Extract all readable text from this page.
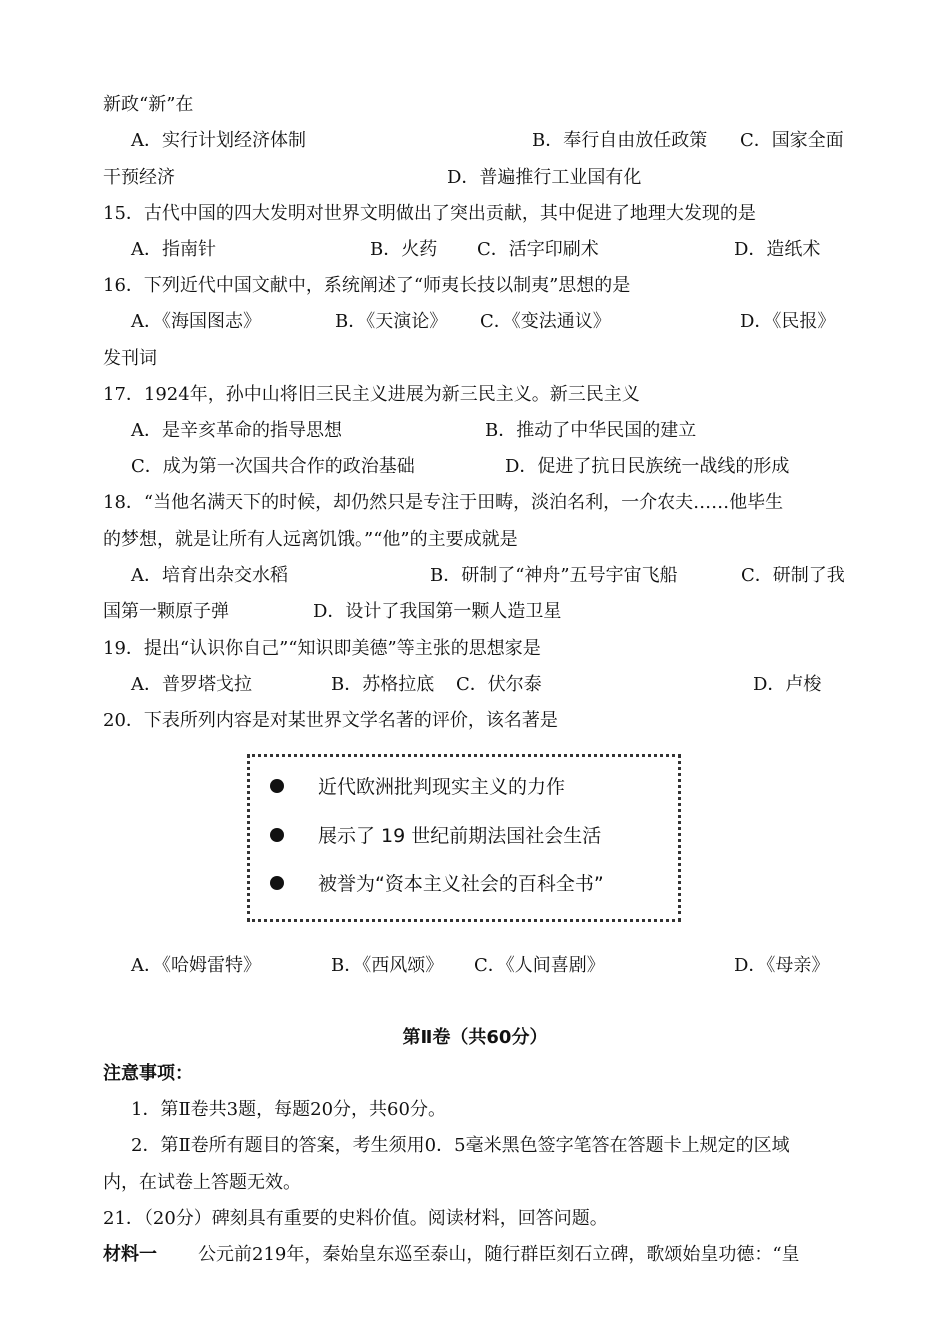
新政“新”在
A．实行计划经济体制	B．奉行自由放任政策 C．国家全面
干预经济	D．普遍推行工业国有化
15．古代中国的四大发明对世界文明做出了突出贡献，其中促进了地理大发现的是
A．指南针	B．火药 C．活字印刷术	D．造纸术
16．下列近代中国文献中，系统阐述了“师夷长技以制夷”思想的是
A．《海国图志》	B．《天演论》 C．《变法通议》	D．《民报》
发刊词
17．1924年，孙中山将旧三民主义进展为新三民主义。新三民主义
A．是辛亥革命的指导思想	B．推动了中华民国的建立
C．成为第一次国共合作的政治基础	D．促进了抗日民族统一战线的形成
18．“当他名满天下的时候，却仍然只是专注于田畴，淡泊名利，一介农夫……他毕生
的梦想，就是让所有人远离饥饿。”“他”的主要成就是
A．培育出杂交水稻	B．研制了“神舟”五号宇宙飞船	C．研制了我
国第一颗原子弹	D．设计了我国第一颗人造卫星
19．提出“认识你自己”“知识即美德”等主张的思想家是
A．普罗塔戈拉	B．苏格拉底 C．伏尔泰	D．卢梭
20．下表所列内容是对某世界文学名著的评价，该名著是
近代欧洲批判现实主义的力作
展示了 19 世纪前期法国社会生活
被誉为“资本主义社会的百科全书”
A．《哈姆雷特》	B．《西风颂》 C．《人间喜剧》	D．《母亲》
第Ⅱ卷（共60分）
注意事项：
1．第Ⅱ卷共3题，每题20分，共60分。
2．第Ⅱ卷所有题目的答案，考生须用0．5毫米黑色签字笔答在答题卡上规定的区域
内，在试卷上答题无效。
21．（20分）碑刻具有重要的史料价值。阅读材料，回答问题。
材料一 公元前219年，秦始皇东巡至泰山，随行群臣刻石立碑，歌颂始皇功德：“皇
